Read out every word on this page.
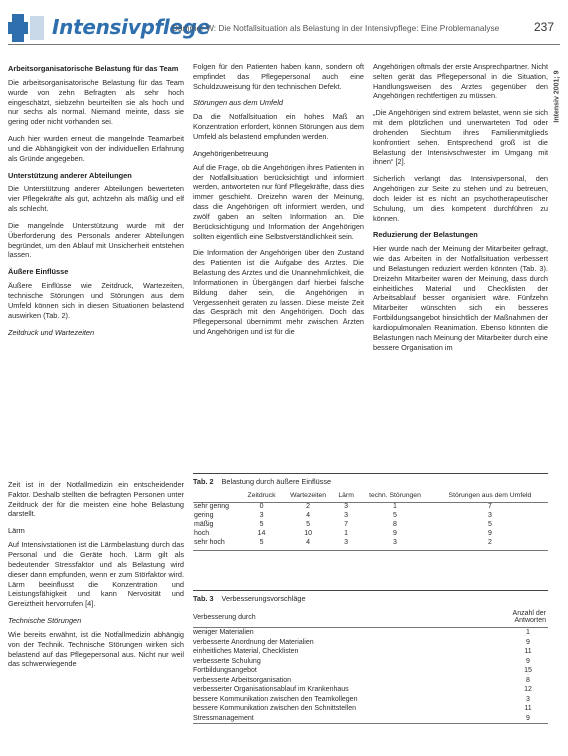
Intensivpflege
Dammer W: Die Notfallsituation als Belastung in der Intensivpflege: Eine Problemanalyse	237
Intensiv 2001; 9
Arbeitsorganisatorische Belastung für das Team

Die arbeitsorganisatorische Belastung für das Team wurde von zehn Befragten als sehr hoch eingeschätzt, siebzehn beurteilten sie als hoch und nur sechs als normal. Niemand meinte, dass sie gering oder nicht vorhanden sei.

Auch hier wurden erneut die mangelnde Teamarbeit und die Abhängigkeit von der individuellen Erfahrung als Gründe angegeben.

Unterstützung anderer Abteilungen

Die Unterstützung anderer Abteilungen bewerteten vier Pflegekräfte als gut, achtzehn als mäßig und elf als schlecht.

Die mangelnde Unterstützung wurde mit der Überforderung des Personals anderer Abteilungen begründet, um den Ablauf mit Unsicherheit entstehen lassen.

Äußere Einflüsse

Äußere Einflüsse wie Zeitdruck, Wartezeiten, technische Störungen und Störungen aus dem Umfeld können sich in diesen Situationen belastend auswirken (Tab. 2).

Zeitdruck und Wartezeiten

Zeit ist in der Notfallmedizin ein entscheidender Faktor. Deshalb stellten die befragten Personen unter Zeitdruck der für die meisten eine hohe Belastung darstellt.

Lärm

Auf Intensivstationen ist die Lärmbelastung durch das Personal und die Geräte hoch. Lärm gilt als bedeutender Stressfaktor und als Belastung wird dieser dann empfunden, wenn er zum Störfaktor wird. Lärm beeinflusst die Konzentration und Leistungsfähigkeit und kann Nervosität und Gereiztheit hervorrufen [4].

Technische Störungen

Wie bereits erwähnt, ist die Notfallmedizin abhängig von der Technik. Technische Störungen wirken sich belastend auf das Pflegepersonal aus. Nicht nur weil das schwerwiegende

Folgen für den Patienten haben kann, sondern oft empfindet das Pflegepersonal auch eine Schuldzuweisung für den technischen Defekt.

Störungen aus dem Umfeld

Da die Notfallsituation ein hohes Maß an Konzentration erfordert, können Störungen aus dem Umfeld als belastend empfunden werden.

Angehörigenbetreuung

Auf die Frage, ob die Angehörigen ihres Patienten in der Notfallsituation berücksichtigt und informiert werden, antworteten nur fünf Pflegekräfte, dass dies immer geschieht. Dreizehn waren der Meinung, dass die Angehörigen oft informiert werden, und zwölf gaben an selten Information an. Die Berücksichtigung und Information der Angehörigen sollten eigentlich eine Selbstverständlichkeit sein.

Die Information der Angehörigen über den Zustand des Patienten ist die Aufgabe des Arztes. Die Belastung des Arztes und die Unannehmlichkeit, die Informationen in Übergängen darf hierbei falsche Bildung daher sein, die Angehörigen in Vergessenheit geraten zu lassen. Diese meiste Zeit das Gespräch mit den Angehörigen. Doch das Pflegepersonal übernimmt mehr zwischen Ärzten und Angehörigen und ist für die

Angehörigen oftmals der erste Ansprechpartner. Nicht selten gerät das Pflegepersonal in die Situation, Handlungsweisen des Arztes gegenüber den Angehörigen rechtfertigen zu müssen.

„Die Angehörigen sind extrem belastet, wenn sie sich mit dem plötzlichen und unerwarteten Tod oder drohenden Siechtum ihres Familienmitglieds konfrontiert sehen. Entsprechend groß ist die Belastung der Intensivschwester im Umgang mit ihnen“ [2].

Sicherlich verlangt das Intensivpersonal, den Angehörigen zur Seite zu stehen und zu betreuen, doch leider ist es nicht an psychotherapeutischer Schulung, um dies kompetent durchführen zu können.

Reduzierung der Belastungen

Hier wurde nach der Meinung der Mitarbeiter gefragt, wie das Arbeiten in der Notfallsituation verbessert und Belastungen reduziert werden könnten (Tab. 3). Dreizehn Mitarbeiter waren der Meinung, dass durch einheitliches Material und Checklisten der Arbeitsablauf besser organisiert wäre. Fünfzehn Mitarbeiter wünschten sich ein besseres Fortbildungsangebot hinsichtlich der Maßnahmen der kardiopulmonalen Reanimation. Ebenso könnten die Belastungen nach Meinung der Mitarbeiter durch eine bessere Organisation im

Tab. 2 Belastung durch äußere Einflüsse
	Zeitdruck	Wartezeiten	Lärm	techn. Störungen	Störungen aus dem Umfeld
sehr gering	0	2	3	1	7
gering	3	4	3	5	3
mäßig	5	5	7	8	5
hoch	14	10	1	9	9
sehr hoch	5	4	3	3	2
Tab. 3 Verbesserungsvorschläge
Verbesserung durch	Anzahl der Antworten
weniger Materialien	1
verbesserte Anordnung der Materialien	9
einheitliches Material, Checklisten	11
verbesserte Schulung	9
Fortbildungsangebot	15
verbesserte Arbeitsorganisation	8
verbesserter Organisationsablauf im Krankenhaus	12
bessere Kommunikation zwischen den Teamkollegen	3
bessere Kommunikation zwischen den Schnittstellen	11
Stressmanagement	9
